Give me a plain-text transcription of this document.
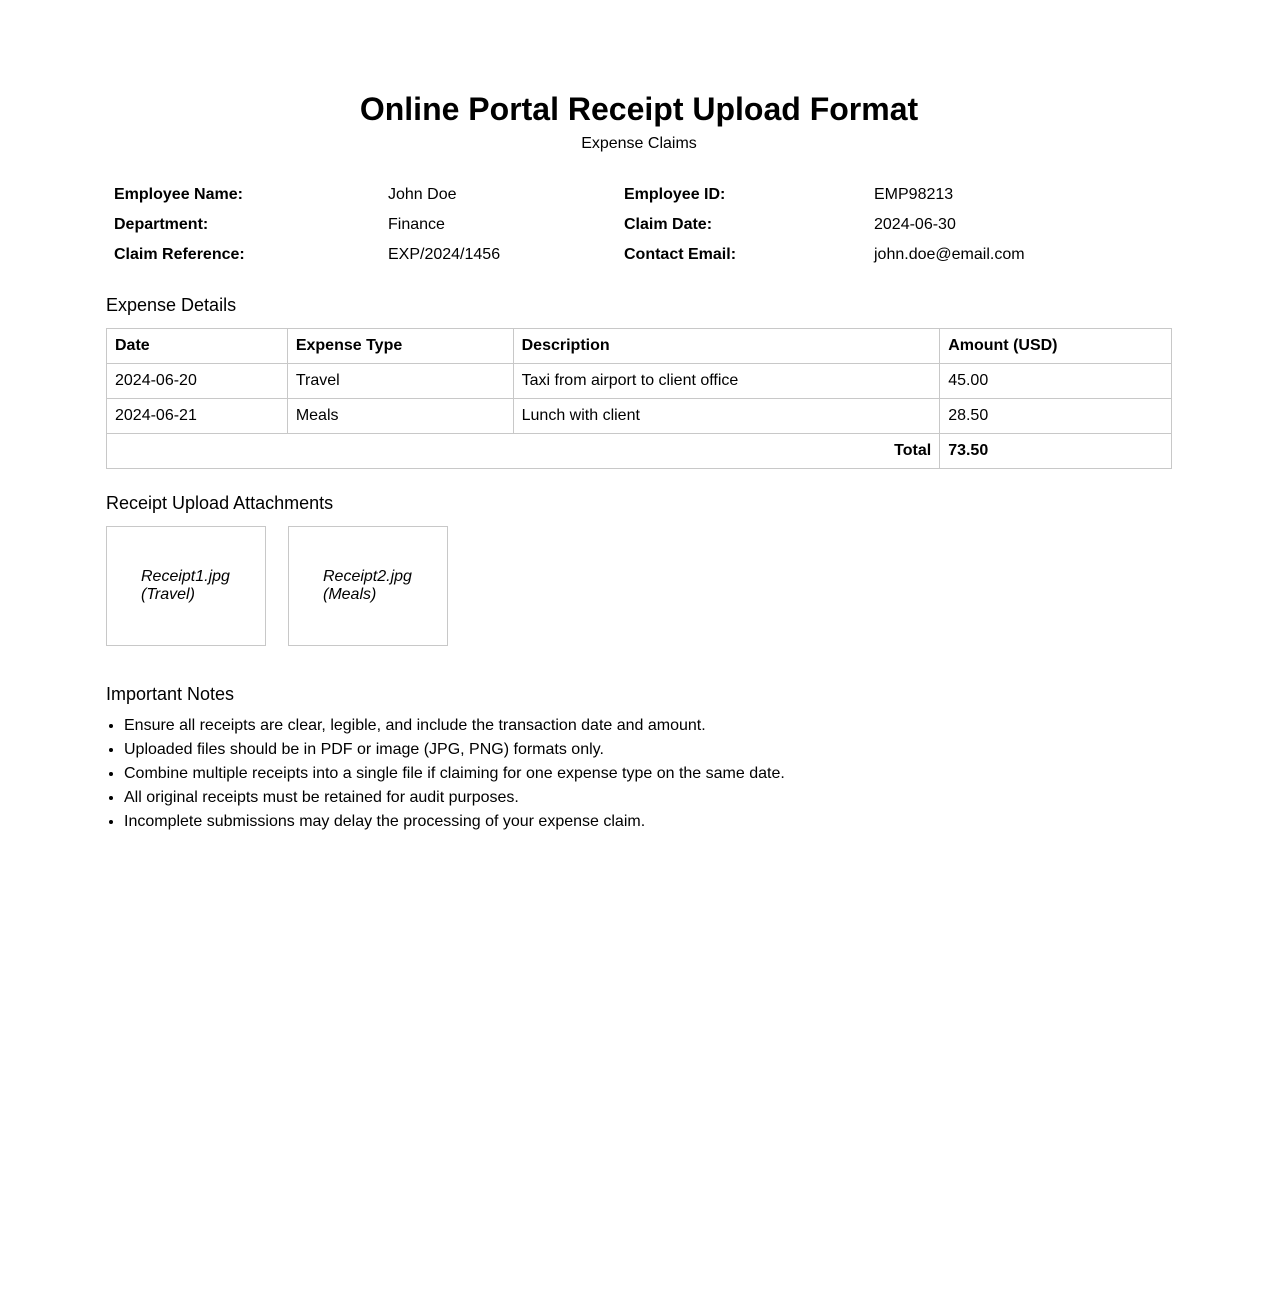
Online Portal Receipt Upload Format
Expense Claims
Employee Name:	John Doe	Employee ID:	EMP98213
Department:	Finance	Claim Date:	2024-06-30
Claim Reference:	EXP/2024/1456	Contact Email:	john.doe@email.com
Expense Details
Date	Expense Type	Description	Amount (USD)
2024-06-20	Travel	Taxi from airport to client office	45.00
2024-06-21	Meals	Lunch with client	28.50
Total			73.50
Receipt Upload Attachments
Receipt1.jpg
(Travel)
Receipt2.jpg
(Meals)
Important Notes
• Ensure all receipts are clear, legible, and include the transaction date and amount.
• Uploaded files should be in PDF or image (JPG, PNG) formats only.
• Combine multiple receipts into a single file if claiming for one expense type on the same date.
• All original receipts must be retained for audit purposes.
• Incomplete submissions may delay the processing of your expense claim.
